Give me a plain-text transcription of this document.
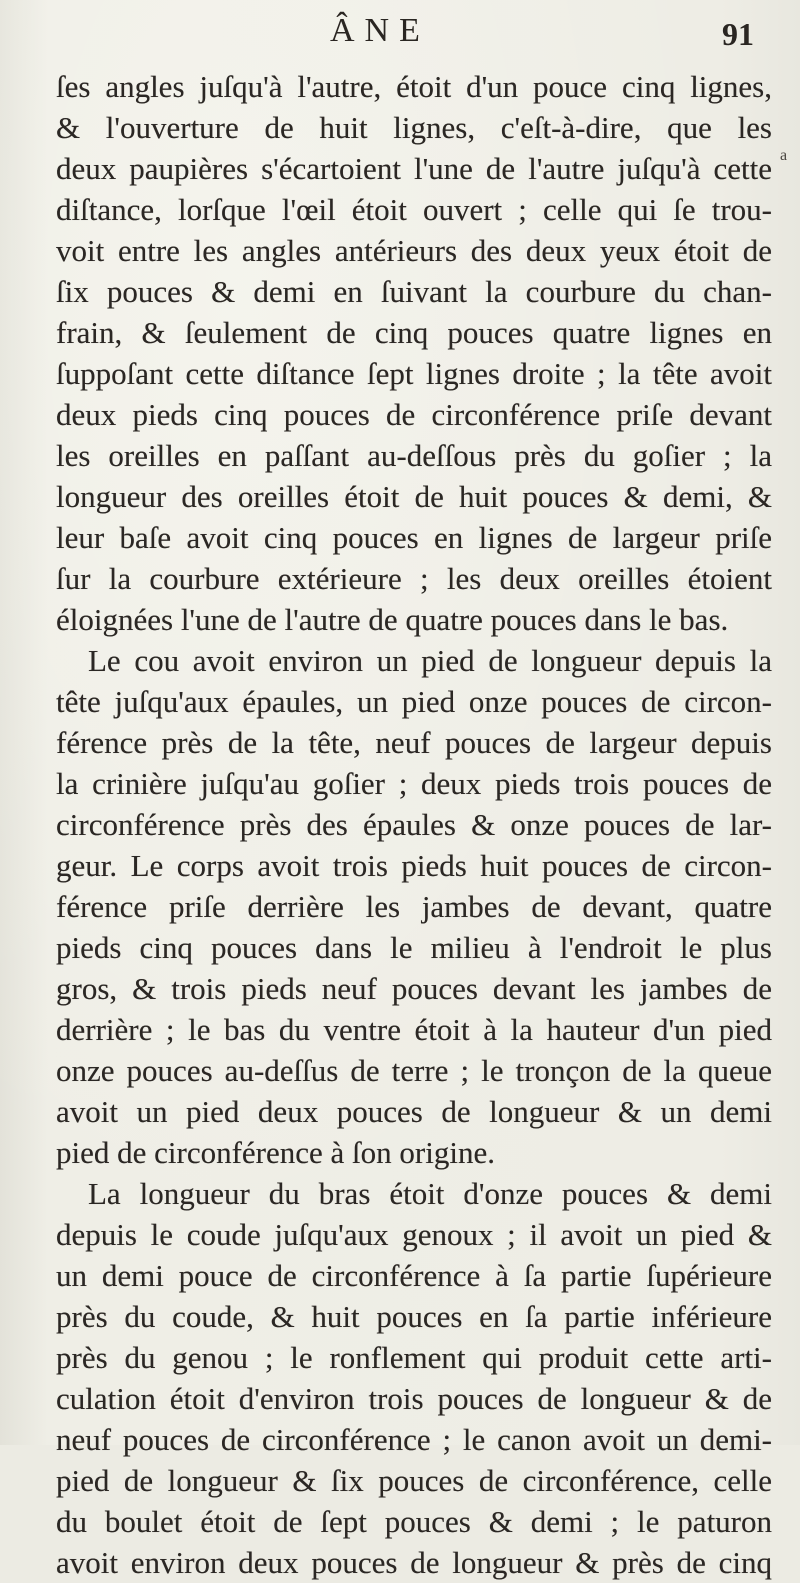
ÂNE	91
a
ſes angles juſqu'à l'autre, étoit d'un pouce cinq lignes,
& l'ouverture de huit lignes, c'eſt-à-dire, que les
deux paupières s'écartoient l'une de l'autre juſqu'à cette
diſtance, lorſque l'œil étoit ouvert ; celle qui ſe trou-
voit entre les angles antérieurs des deux yeux étoit de
ſix pouces & demi en ſuivant la courbure du chan-
frain, & ſeulement de cinq pouces quatre lignes en
ſuppoſant cette diſtance ſept lignes droite ; la tête avoit
deux pieds cinq pouces de circonférence priſe devant
les oreilles en paſſant au-deſſous près du goſier ; la
longueur des oreilles étoit de huit pouces & demi, &
leur baſe avoit cinq pouces en lignes de largeur priſe
ſur la courbure extérieure ; les deux oreilles étoient
éloignées l'une de l'autre de quatre pouces dans le bas.
Le cou avoit environ un pied de longueur depuis la
tête juſqu'aux épaules, un pied onze pouces de circon-
férence près de la tête, neuf pouces de largeur depuis
la crinière juſqu'au goſier ; deux pieds trois pouces de
circonférence près des épaules & onze pouces de lar-
geur. Le corps avoit trois pieds huit pouces de circon-
férence priſe derrière les jambes de devant, quatre
pieds cinq pouces dans le milieu à l'endroit le plus
gros, & trois pieds neuf pouces devant les jambes de
derrière ; le bas du ventre étoit à la hauteur d'un pied
onze pouces au-deſſus de terre ; le tronçon de la queue
avoit un pied deux pouces de longueur & un demi
pied de circonférence à ſon origine.
La longueur du bras étoit d'onze pouces & demi
depuis le coude juſqu'aux genoux ; il avoit un pied &
un demi pouce de circonférence à ſa partie ſupérieure
près du coude, & huit pouces en ſa partie inférieure
près du genou ; le ronflement qui produit cette arti-
culation étoit d'environ trois pouces de longueur & de
neuf pouces de circonférence ; le canon avoit un demi-
pied de longueur & ſix pouces de circonférence, celle
du boulet étoit de ſept pouces & demi ; le paturon
avoit environ deux pouces de longueur & près de cinq
